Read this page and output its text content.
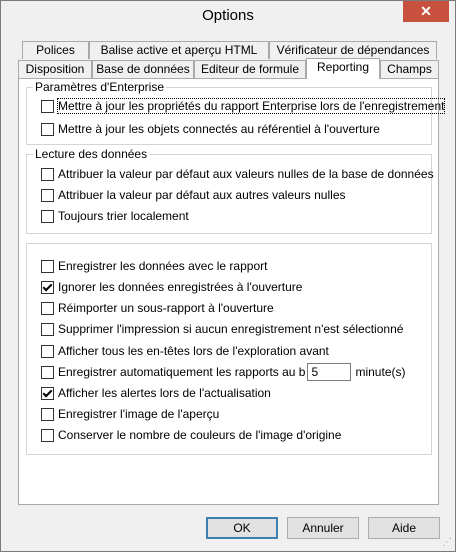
Options	✕
Polices	Balise active et aperçu HTML	Vérificateur de dépendances
Disposition Base de données Editeur de formule	Reporting	Champs
Paramètres d'Enterprise
Mettre à jour les propriétés du rapport Enterprise lors de l'enregistrement
Mettre à jour les objets connectés au référentiel à l'ouverture
Lecture des données
Attribuer la valeur par défaut aux valeurs nulles de la base de données
Attribuer la valeur par défaut aux autres valeurs nulles
Toujours trier localement
Enregistrer les données avec le rapport
Ignorer les données enregistrées à l'ouverture
Réimporter un sous-rapport à l'ouverture
Supprimer l'impression si aucun enregistrement n'est sélectionné
Afficher tous les en-têtes lors de l'exploration avant
Enregistrer automatiquement les rapports au b
5	minute(s)
Afficher les alertes lors de l'actualisation
Enregistrer l'image de l'aperçu
Conserver le nombre de couleurs de l'image d'origine
OK	Annuler	Aide
⋰
